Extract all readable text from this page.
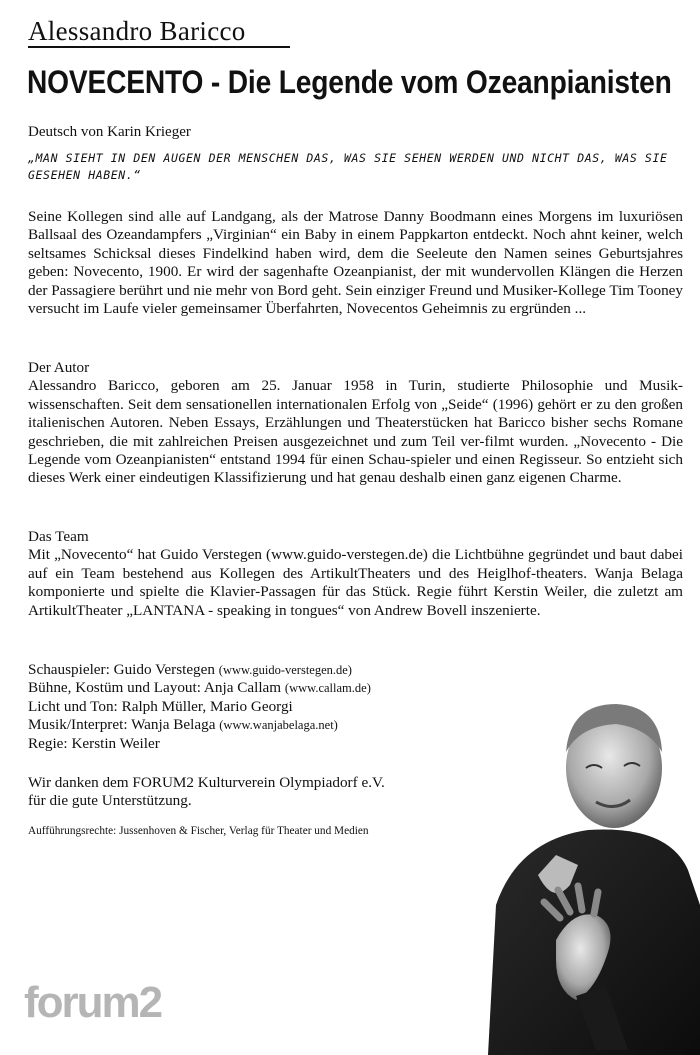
Alessandro Baricco
NOVECENTO - Die Legende vom Ozeanpianisten
Deutsch von Karin Krieger
„MAN SIEHT IN DEN AUGEN DER MENSCHEN DAS, WAS SIE SEHEN WERDEN UND NICHT DAS, WAS SIE GESEHEN HABEN.“
Seine Kollegen sind alle auf Landgang, als der Matrose Danny Boodmann eines Morgens im luxuriösen Ballsaal des Ozeandampfers „Virginian“ ein Baby in einem Pappkarton entdeckt. Noch ahnt keiner, welch seltsames Schicksal dieses Findelkind haben wird, dem die Seeleute den Namen seines Geburtsjahres geben: Novecento, 1900. Er wird der sagenhafte Ozeanpianist, der mit wundervollen Klängen die Herzen der Passagiere berührt und nie mehr von Bord geht. Sein einziger Freund und Musiker-Kollege Tim Tooney versucht im Laufe vieler gemeinsamer Überfahrten, Novecentos Geheimnis zu ergründen ...
Der Autor
Alessandro Baricco, geboren am 25. Januar 1958 in Turin, studierte Philosophie und Musik-wissenschaften. Seit dem sensationellen internationalen Erfolg von „Seide“ (1996) gehört er zu den großen italienischen Autoren. Neben Essays, Erzählungen und Theaterstücken hat Baricco bisher sechs Romane geschrieben, die mit zahlreichen Preisen ausgezeichnet und zum Teil ver-filmt wurden. „Novecento - Die Legende vom Ozeanpianisten“ entstand 1994 für einen Schau-spieler und einen Regisseur. So entzieht sich dieses Werk einer eindeutigen Klassifizierung und hat genau deshalb einen ganz eigenen Charme.
Das Team
Mit „Novecento“ hat Guido Verstegen (www.guido-verstegen.de) die Lichtbühne gegründet und baut dabei auf ein Team bestehend aus Kollegen des ArtikultTheaters und des Heiglhof-theaters. Wanja Belaga komponierte und spielte die Klavier-Passagen für das Stück. Regie führt Kerstin Weiler, die zuletzt am ArtikultTheater „LANTANA - speaking in tongues“ von Andrew Bovell inszenierte.
Schauspieler: Guido Verstegen (www.guido-verstegen.de)
Bühne, Kostüm und Layout: Anja Callam (www.callam.de)
Licht und Ton: Ralph Müller, Mario Georgi
Musik/Interpret: Wanja Belaga (www.wanjabelaga.net)
Regie: Kerstin Weiler
Wir danken dem FORUM2 Kulturverein Olympiadorf e.V.
für die gute Unterstützung.
Aufführungsrechte: Jussenhoven & Fischer, Verlag für Theater und Medien
forum2
